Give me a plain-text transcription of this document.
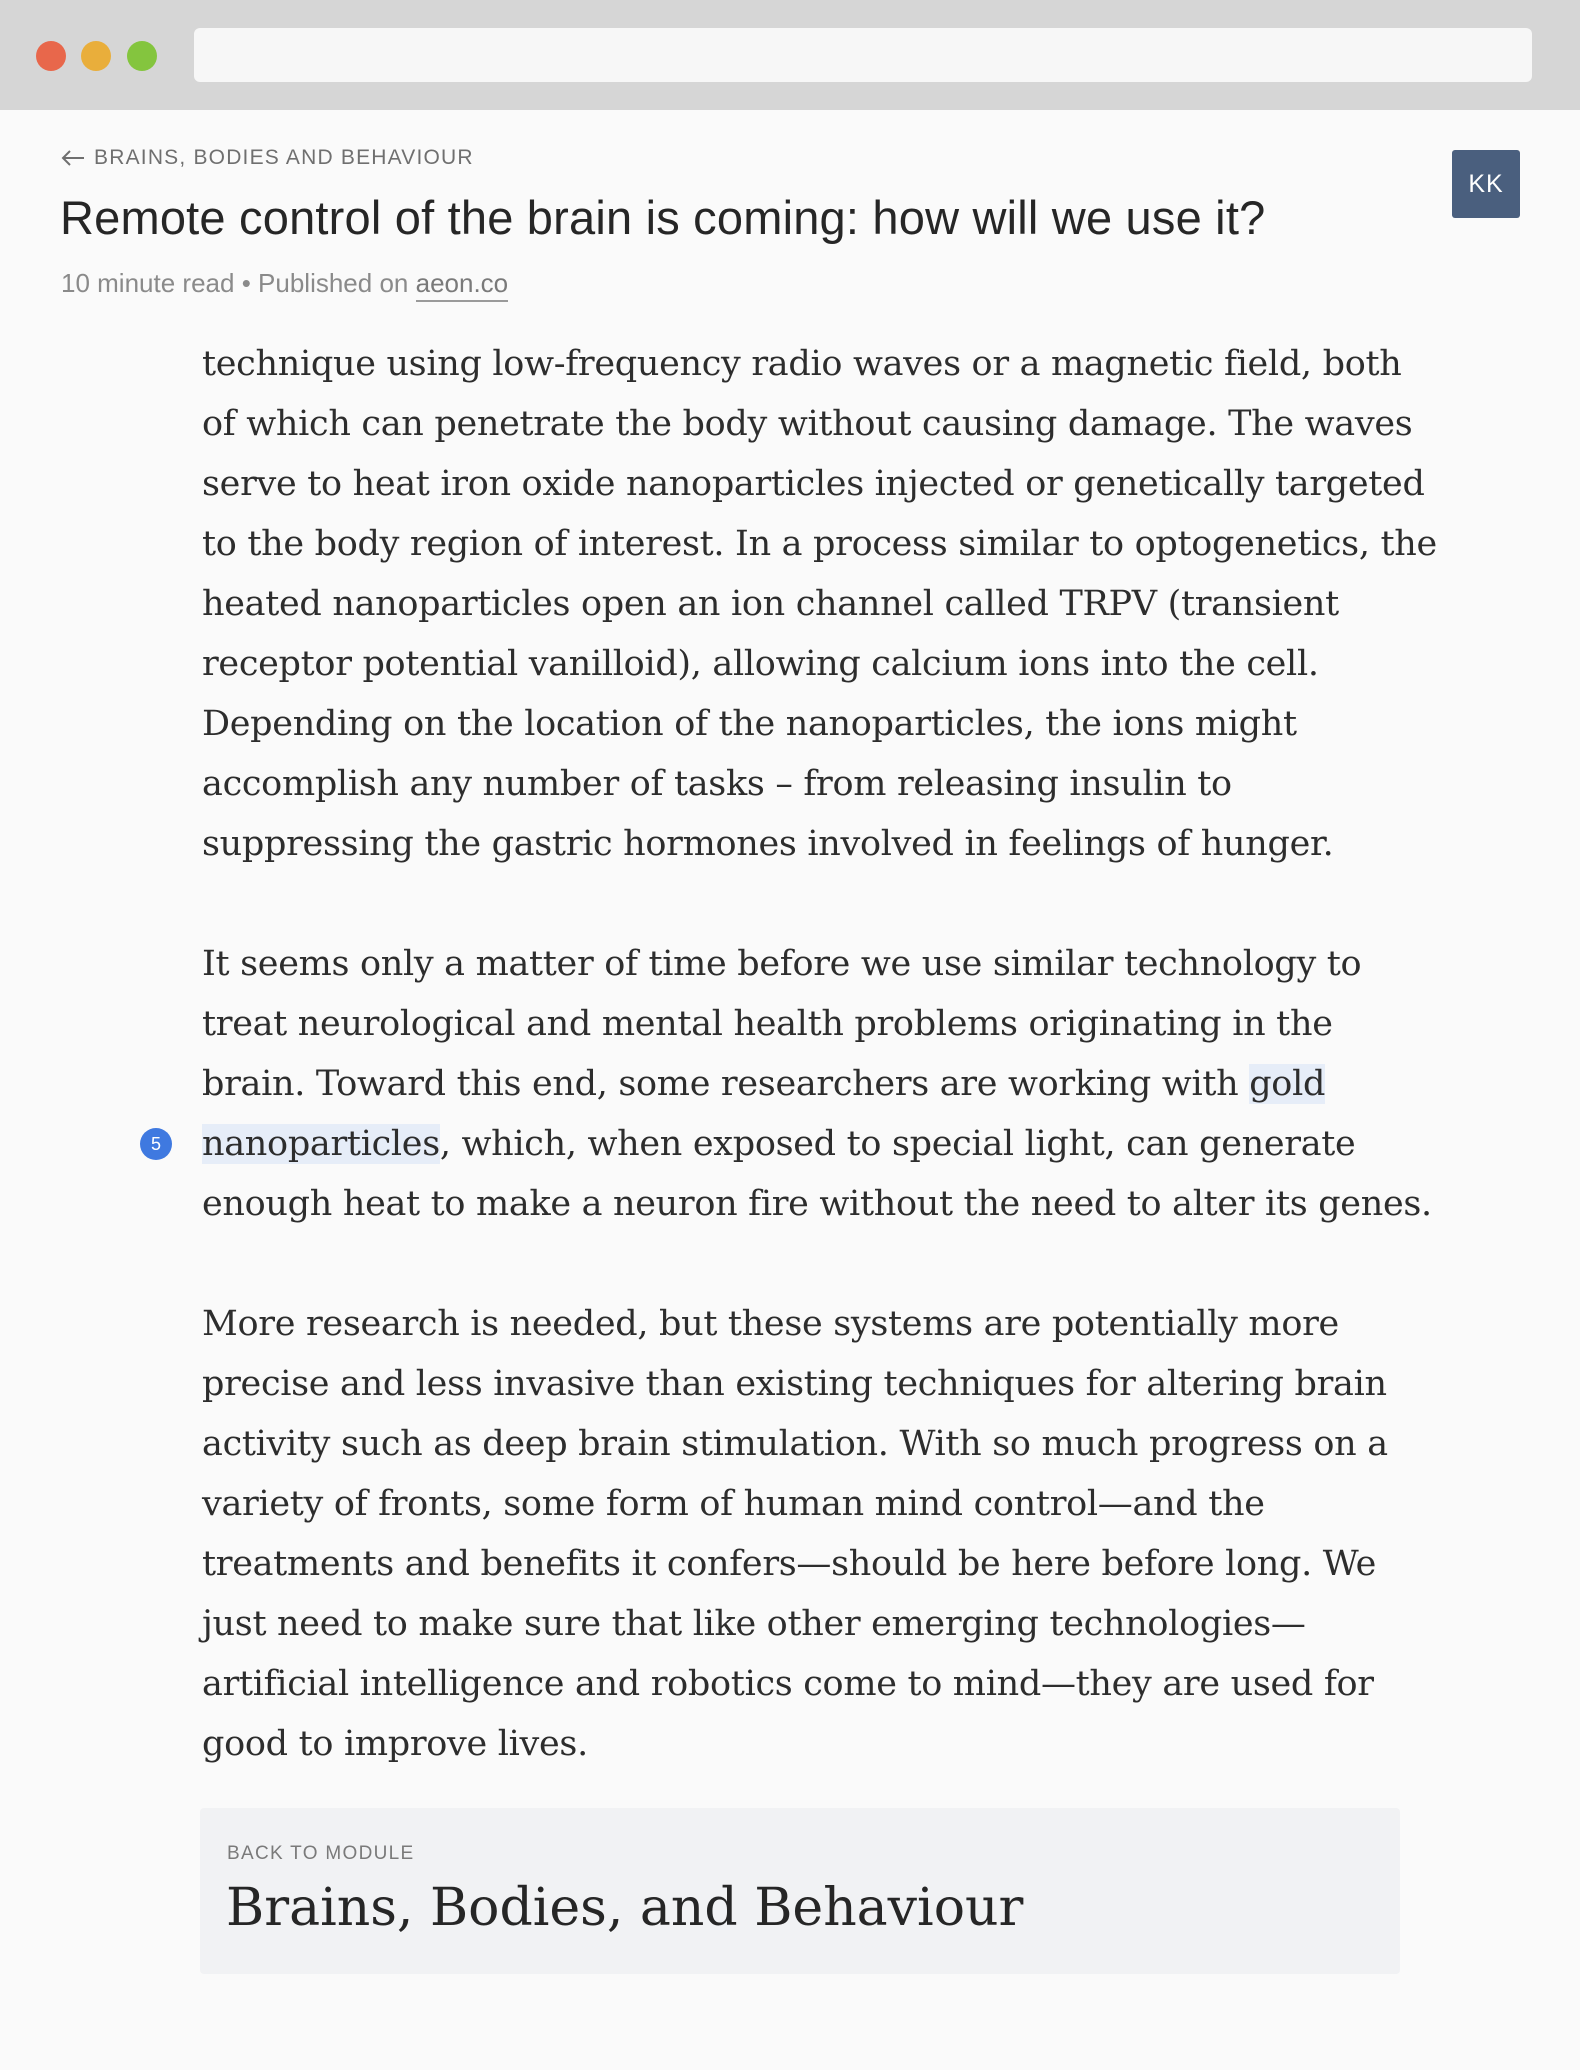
BRAINS, BODIES AND BEHAVIOUR
KK
Remote control of the brain is coming: how will we use it?
10 minute read • Published on aeon.co

technique using low-frequency radio waves or a magnetic field, both
of which can penetrate the body without causing damage. The waves
serve to heat iron oxide nanoparticles injected or genetically targeted
to the body region of interest. In a process similar to optogenetics, the
heated nanoparticles open an ion channel called TRPV (transient
receptor potential vanilloid), allowing calcium ions into the cell.
Depending on the location of the nanoparticles, the ions might
accomplish any number of tasks – from releasing insulin to
suppressing the gastric hormones involved in feelings of hunger.

It seems only a matter of time before we use similar technology to
treat neurological and mental health problems originating in the
brain. Toward this end, some researchers are working with gold
nanoparticles, which, when exposed to special light, can generate
enough heat to make a neuron fire without the need to alter its genes.

More research is needed, but these systems are potentially more
precise and less invasive than existing techniques for altering brain
activity such as deep brain stimulation. With so much progress on a
variety of fronts, some form of human mind control—and the
treatments and benefits it confers—should be here before long. We
just need to make sure that like other emerging technologies—
artificial intelligence and robotics come to mind—they are used for
good to improve lives.

5
BACK TO MODULE
Brains, Bodies, and Behaviour
